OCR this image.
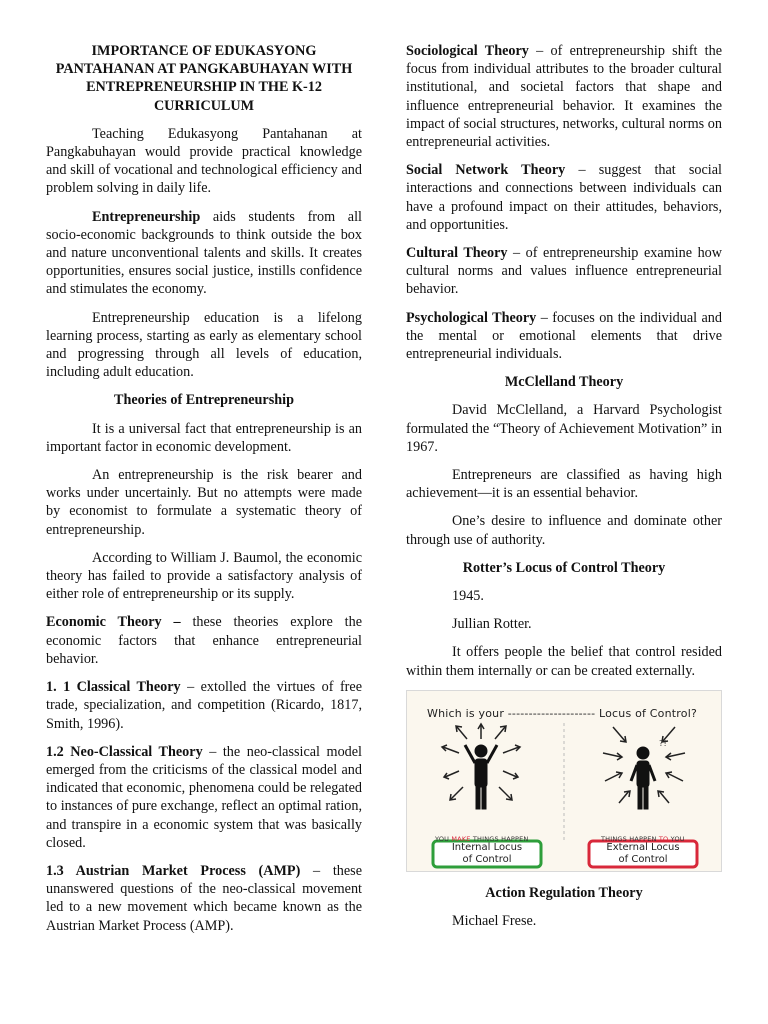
IMPORTANCE OF EDUKASYONG PANTAHANAN AT PANGKABUHAYAN WITH ENTREPRENEURSHIP IN THE K-12 CURRICULUM

Teaching Edukasyong Pantahanan at Pangkabuhayan would provide practical knowledge and skill of vocational and technological efficiency and problem solving in daily life.

Entrepreneurship aids students from all socio-economic backgrounds to think outside the box and nature unconventional talents and skills. It creates opportunities, ensures social justice, instills confidence and stimulates the economy.

Entrepreneurship education is a lifelong learning process, starting as early as elementary school and progressing through all levels of education, including adult education.

Theories of Entrepreneurship

It is a universal fact that entrepreneurship is an important factor in economic development.

An entrepreneurship is the risk bearer and works under uncertainly. But no attempts were made by economist to formulate a systematic theory of entrepreneurship.

According to William J. Baumol, the economic theory has failed to provide a satisfactory analysis of either role of entrepreneurship or its supply.

Economic Theory – these theories explore the economic factors that enhance entrepreneurial behavior.

1. 1 Classical Theory – extolled the virtues of free trade, specialization, and competition (Ricardo, 1817, Smith, 1996).

1.2 Neo-Classical Theory – the neo-classical model emerged from the criticisms of the classical model and indicated that economic, phenomena could be relegated to instances of pure exchange, reflect an optimal ration, and transpire in a economic system that was basically closed.

1.3 Austrian Market Process (AMP) – these unanswered questions of the neo-classical movement led to a new movement which became known as the Austrian Market Process (AMP).

Sociological Theory – of entrepreneurship shift the focus from individual attributes to the broader cultural institutional, and societal factors that shape and influence entrepreneurial behavior. It examines the impact of social structures, networks, cultural norms on entrepreneurial activities.

Social Network Theory – suggest that social interactions and connections between individuals can have a profound impact on their attitudes, behaviors, and opportunities.

Cultural Theory – of entrepreneurship examine how cultural norms and values influence entrepreneurial behavior.

Psychological Theory – focuses on the individual and the mental or emotional elements that drive entrepreneurial individuals.

McClelland Theory

David McClelland, a Harvard Psychologist formulated the “Theory of Achievement Motivation” in 1967.

Entrepreneurs are classified as having high achievement—it is an essential behavior.

One’s desire to influence and dominate other through use of authority.

Rotter’s Locus of Control Theory

1945.

Jullian Rotter.

It offers people the belief that control resided within them internally or can be created externally.

Which is your --------------------- Locus of Control?
?!
YOU MAKE THINGS HAPPEN	THINGS HAPPEN TO YOU
Internal Locus
of Control
External Locus
of Control
Action Regulation Theory

Michael Frese.
